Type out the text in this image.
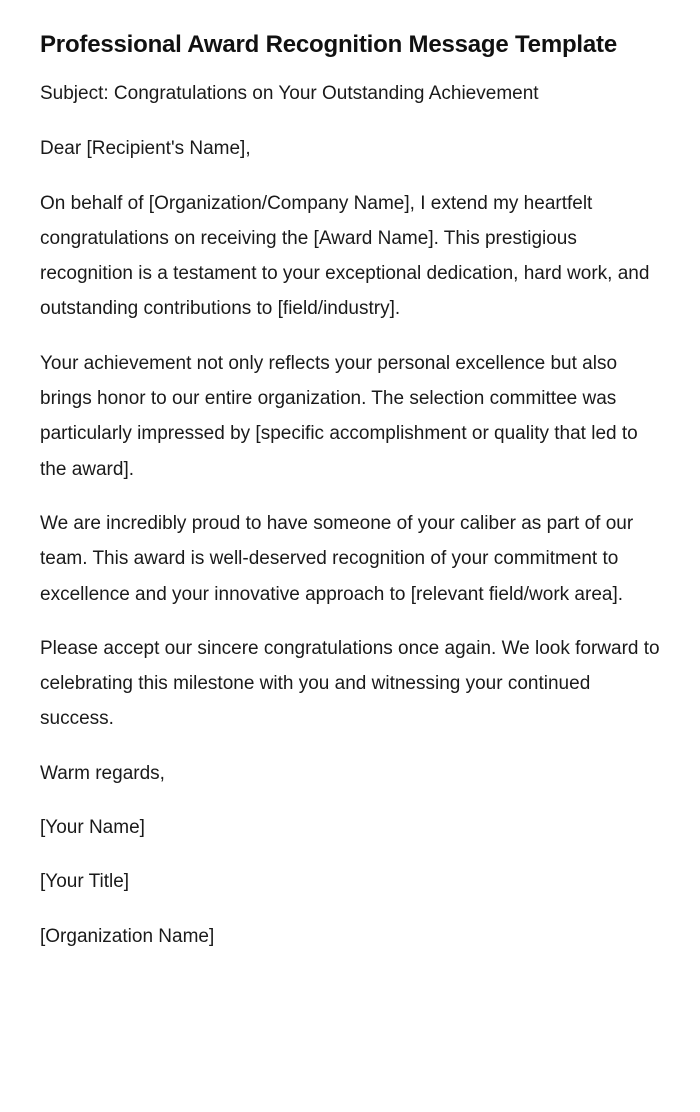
Professional Award Recognition Message Template

Subject: Congratulations on Your Outstanding Achievement

Dear [Recipient's Name],

On behalf of [Organization/Company Name], I extend my heartfelt congratulations on receiving the [Award Name]. This prestigious recognition is a testament to your exceptional dedication, hard work, and outstanding contributions to [field/industry].

Your achievement not only reflects your personal excellence but also brings honor to our entire organization. The selection committee was particularly impressed by [specific accomplishment or quality that led to the award].

We are incredibly proud to have someone of your caliber as part of our team. This award is well-deserved recognition of your commitment to excellence and your innovative approach to [relevant field/work area].

Please accept our sincere congratulations once again. We look forward to celebrating this milestone with you and witnessing your continued success.

Warm regards,

[Your Name]

[Your Title]

[Organization Name]
